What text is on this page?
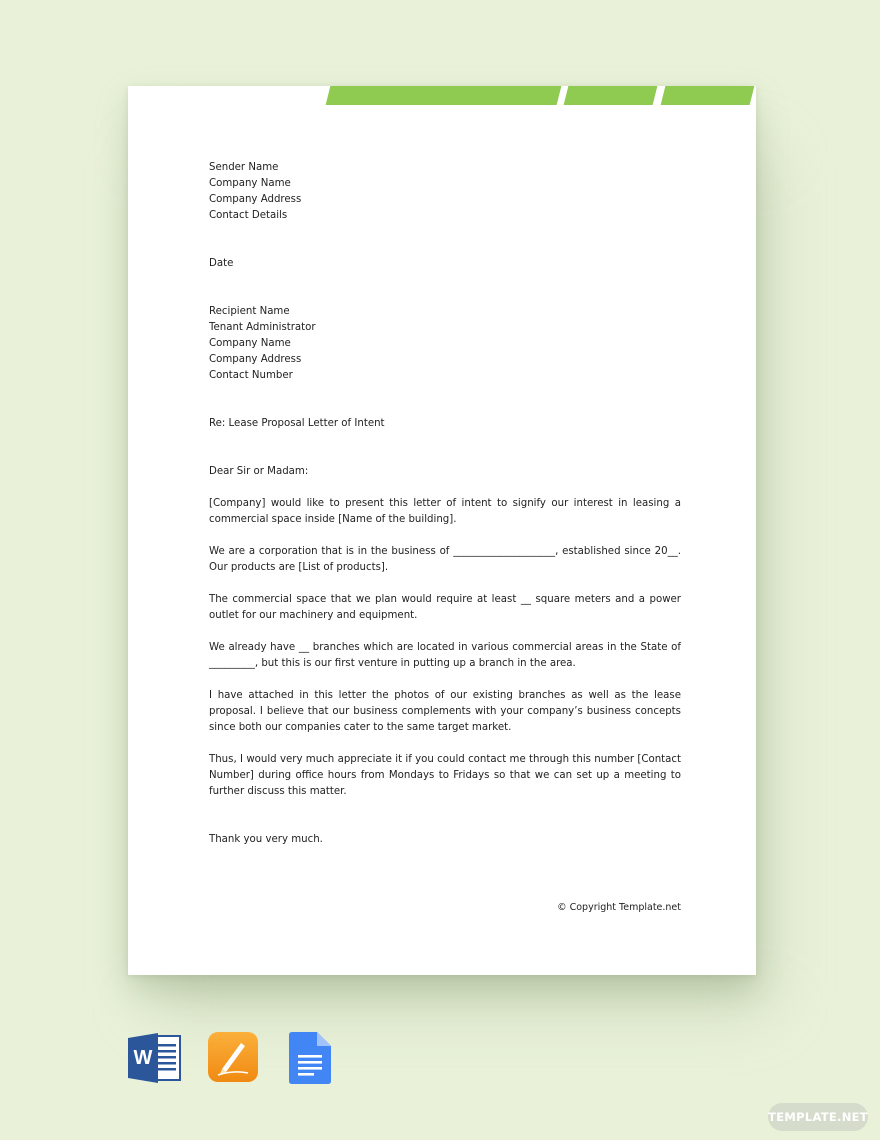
Sender Name
Company Name
Company Address
Contact Details
Date
Recipient Name
Tenant Administrator
Company Name
Company Address
Contact Number
Re: Lease Proposal Letter of Intent
Dear Sir or Madam:

[Company] would like to present this letter of intent to signify our interest in leasing a commercial space inside [Name of the building].

We are a corporation that is in the business of ____________________, established since 20__. Our products are [List of products].

The commercial space that we plan would require at least __ square meters and a power outlet for our machinery and equipment.

We already have __ branches which are located in various commercial areas in the State of _________, but this is our first venture in putting up a branch in the area.

I have attached in this letter the photos of our existing branches as well as the lease proposal. I believe that our business complements with your company’s business concepts since both our companies cater to the same target market.

Thus, I would very much appreciate it if you could contact me through this number [Contact Number] during office hours from Mondays to Fridays so that we can set up a meeting to further discuss this matter.

Thank you very much.
© Copyright Template.net
W
TEMPLATE.NET
